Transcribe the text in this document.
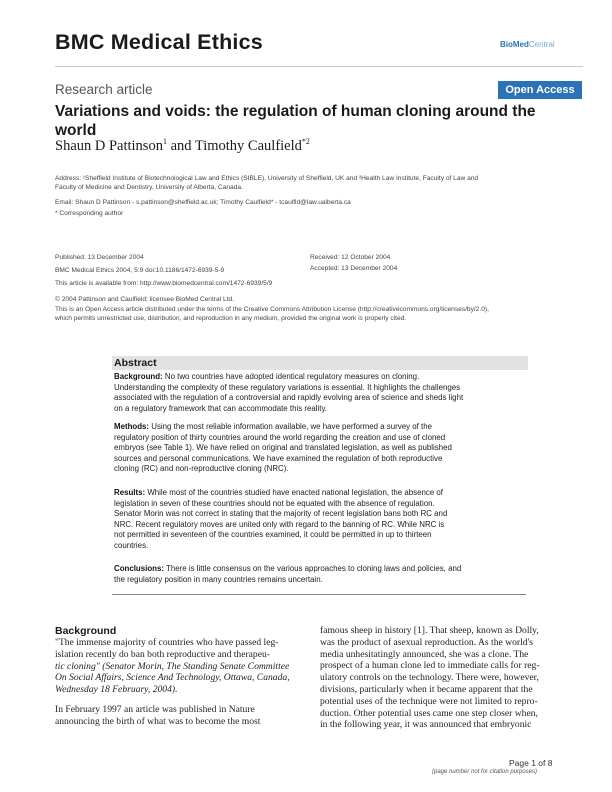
BMC Medical Ethics	BioMedCentral
Research article	Open Access
Variations and voids: the regulation of human cloning around the
world
Shaun D Pattinson$^1$ and Timothy Caulfield$^{*2}$
Address: ¹Sheffield Institute of Biotechnological Law and Ethics (SIBLE), University of Sheffield, UK and ²Health Law Institute, Faculty of Law and
Faculty of Medicine and Dentistry, University of Alberta, Canada.
Email: Shaun D Pattinson - s.pattinson@sheffield.ac.uk; Timothy Caulfield* - tcaulfld@law.ualberta.ca
* Corresponding author
Published: 13 December 2004	Received: 12 October 2004
BMC Medical Ethics 2004, 5:9 doi:10.1186/1472-6939-5-9	Accepted: 13 December 2004
This article is available from: http://www.biomedcentral.com/1472-6939/5/9
© 2004 Pattinson and Caulfield; licensee BioMed Central Ltd.
This is an Open Access article distributed under the terms of the Creative Commons Attribution License (http://creativecommons.org/licenses/by/2.0),
which permits unrestricted use, distribution, and reproduction in any medium, provided the original work is properly cited.
Abstract
Background: No two countries have adopted identical regulatory measures on cloning.
Understanding the complexity of these regulatory variations is essential. It highlights the challenges
associated with the regulation of a controversial and rapidly evolving area of science and sheds light
on a regulatory framework that can accommodate this reality.
Methods: Using the most reliable information available, we have performed a survey of the
regulatory position of thirty countries around the world regarding the creation and use of cloned
embryos (see Table 1). We have relied on original and translated legislation, as well as published
sources and personal communications. We have examined the regulation of both reproductive
cloning (RC) and non-reproductive cloning (NRC).
Results: While most of the countries studied have enacted national legislation, the absence of
legislation in seven of these countries should not be equated with the absence of regulation.
Senator Morin was not correct in stating that the majority of recent legislation bans both RC and
NRC. Recent regulatory moves are united only with regard to the banning of RC. While NRC is
not permitted in seventeen of the countries examined, it could be permitted in up to thirteen
countries.
Conclusions: There is little consensus on the various approaches to cloning laws and policies, and
the regulatory position in many countries remains uncertain.
Background
"The immense majority of countries who have passed leg-
islation recently do ban both reproductive and therapeu-
tic cloning" (Senator Morin, The Standing Senate Committee
On Social Affairs, Science And Technology, Ottawa, Canada,
Wednesday 18 February, 2004).
In February 1997 an article was published in Nature
announcing the birth of what was to become the most
famous sheep in history [1]. That sheep, known as Dolly,
was the product of asexual reproduction. As the world's
media unhesitatingly announced, she was a clone. The
prospect of a human clone led to immediate calls for reg-
ulatory controls on the technology. There were, however,
divisions, particularly when it became apparent that the
potential uses of the technique were not limited to repro-
duction. Other potential uses came one step closer when,
in the following year, it was announced that embryonic
Page 1 of 8
(page number not for citation purposes)
